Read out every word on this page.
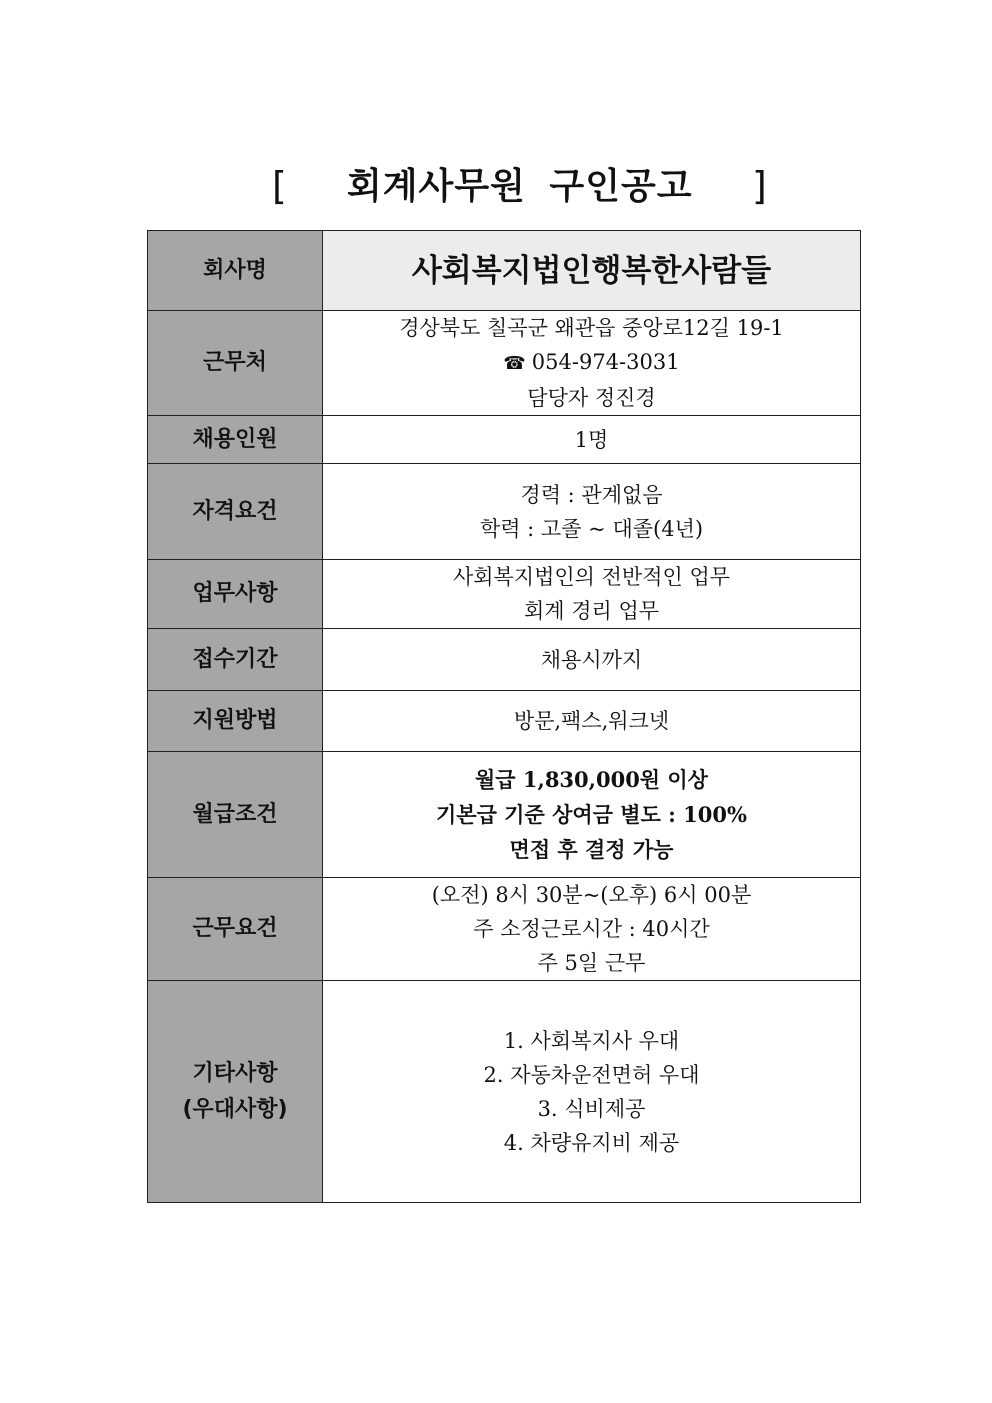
[ 회계사무원 구인공고 ]
회사명	사회복지법인행복한사람들
근무처	경상북도 칠곡군 왜관읍 중앙로12길 19-1
☎ 054-974-3031
담당자 정진경

채용인원	1명
자격요건	경력 : 관계없음
학력 : 고졸 ~ 대졸(4년)

업무사항	사회복지법인의 전반적인 업무
회계 경리 업무

접수기간	채용시까지
지원방법	방문,팩스,워크넷
월급조건	월급 1,830,000원 이상
기본급 기준 상여금 별도 : 100%
면접 후 결정 가능

근무요건	(오전) 8시 30분~(오후) 6시 00분
주 소정근로시간 : 40시간
주 5일 근무

기타사항
(우대사항)	1. 사회복지사 우대
2. 자동차운전면허 우대
3. 식비제공
4. 차량유지비 제공
